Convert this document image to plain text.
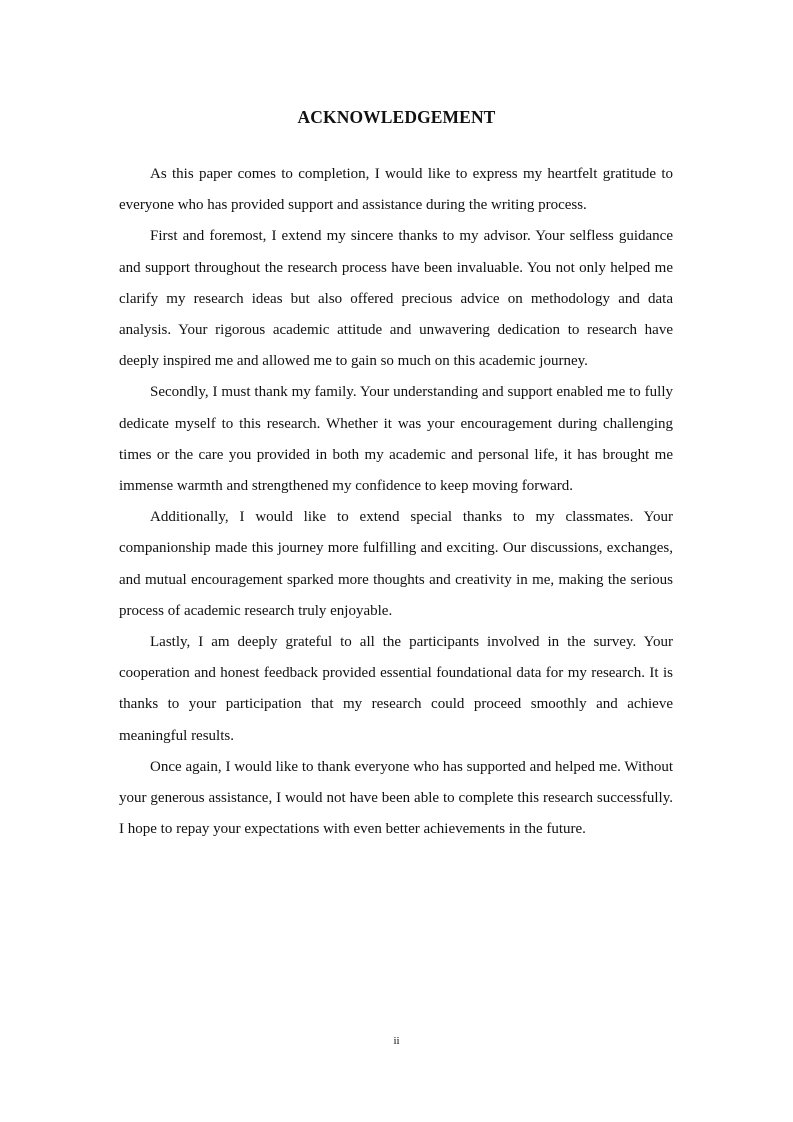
ACKNOWLEDGEMENT

As this paper comes to completion, I would like to express my heartfelt gratitude to everyone who has provided support and assistance during the writing process.

First and foremost, I extend my sincere thanks to my advisor. Your selfless guidance and support throughout the research process have been invaluable. You not only helped me clarify my research ideas but also offered precious advice on methodology and data analysis. Your rigorous academic attitude and unwavering dedication to research have deeply inspired me and allowed me to gain so much on this academic journey.

Secondly, I must thank my family. Your understanding and support enabled me to fully dedicate myself to this research. Whether it was your encouragement during challenging times or the care you provided in both my academic and personal life, it has brought me immense warmth and strengthened my confidence to keep moving forward.

Additionally, I would like to extend special thanks to my classmates. Your companionship made this journey more fulfilling and exciting. Our discussions, exchanges, and mutual encouragement sparked more thoughts and creativity in me, making the serious process of academic research truly enjoyable.

Lastly, I am deeply grateful to all the participants involved in the survey. Your cooperation and honest feedback provided essential foundational data for my research. It is thanks to your participation that my research could proceed smoothly and achieve meaningful results.

Once again, I would like to thank everyone who has supported and helped me. Without your generous assistance, I would not have been able to complete this research successfully. I hope to repay your expectations with even better achievements in the future.

ii
